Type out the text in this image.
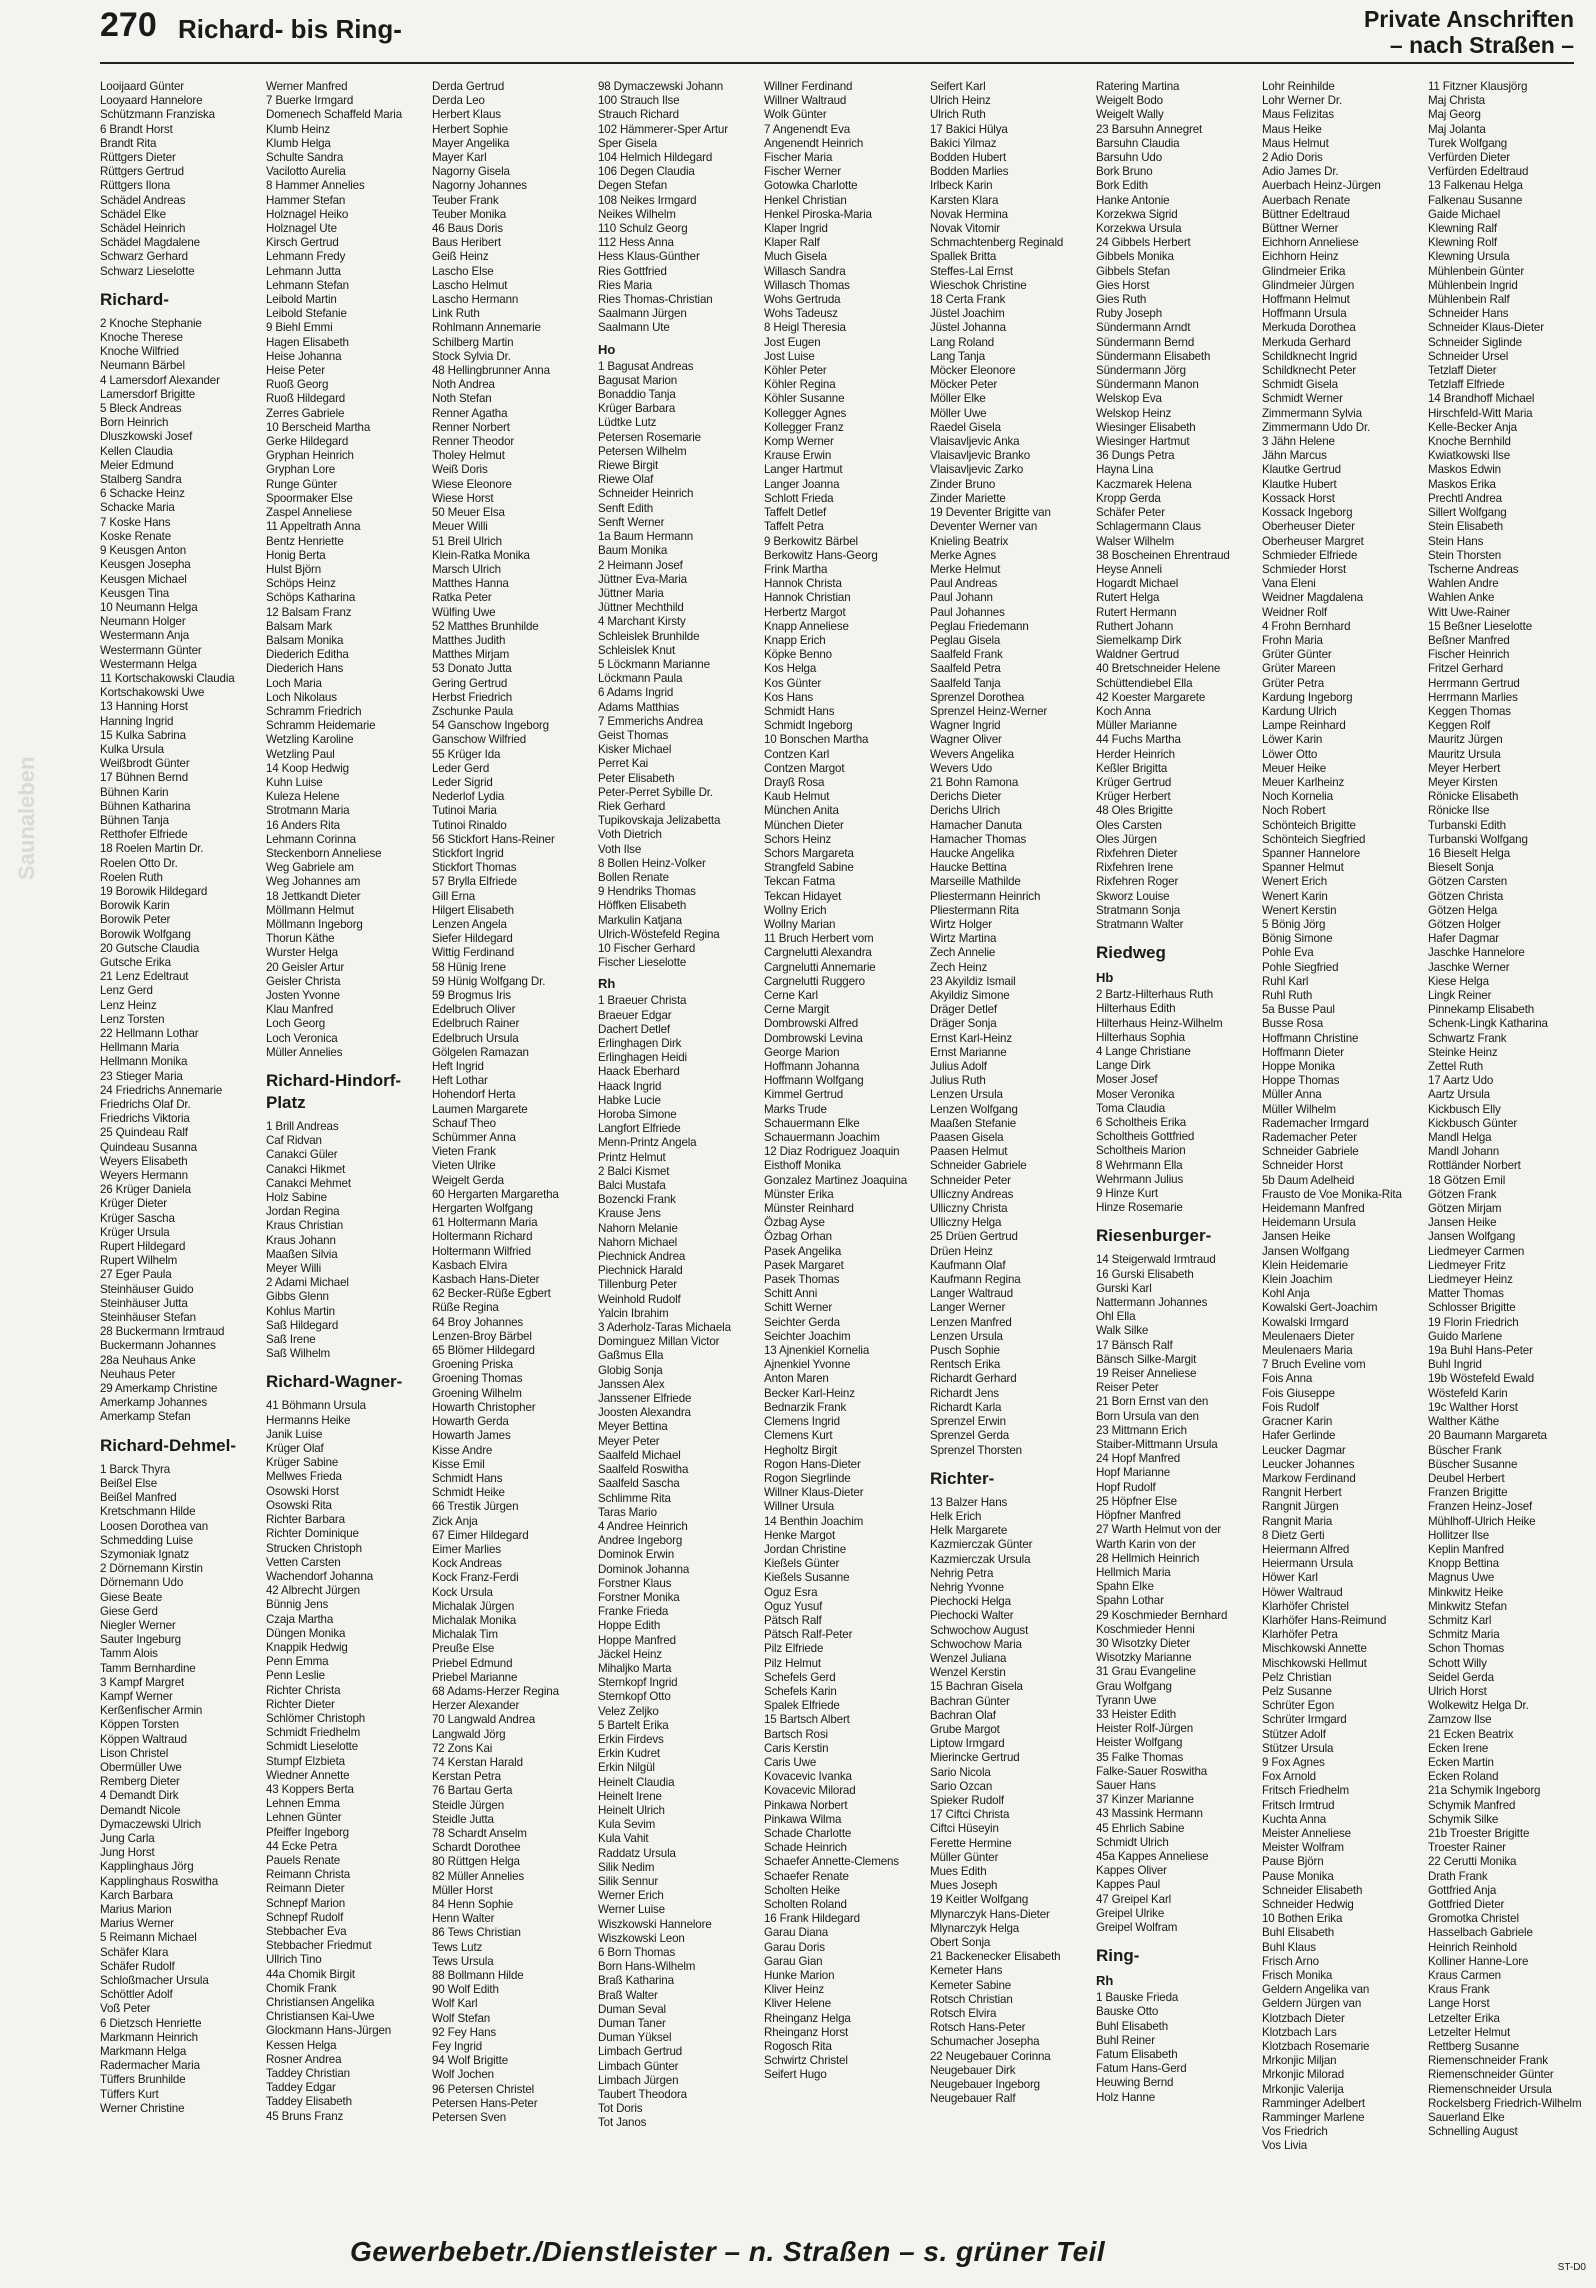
270 Richard- bis Ring-	Private Anschriften
– nach Straßen –
Saunaleben
Looijaard Günter
Looyaard Hannelore
Schützmann Franziska
6 Brandt Horst
Brandt Rita
Rüttgers Dieter
Rüttgers Gertrud
Rüttgers Ilona
Schädel Andreas
Schädel Elke
Schädel Heinrich
Schädel Magdalene
Schwarz Gerhard
Schwarz Lieselotte
Richard-
2 Knoche Stephanie
Knoche Therese
Knoche Wilfried
Neumann Bärbel
4 Lamersdorf Alexander
Lamersdorf Brigitte
5 Bleck Andreas
Born Heinrich
Dluszkowski Josef
Kellen Claudia
Meier Edmund
Stalberg Sandra
6 Schacke Heinz
Schacke Maria
7 Koske Hans
Koske Renate
9 Keusgen Anton
Keusgen Josepha
Keusgen Michael
Keusgen Tina
10 Neumann Helga
Neumann Holger
Westermann Anja
Westermann Günter
Westermann Helga
11 Kortschakowski Claudia
Kortschakowski Uwe
13 Hanning Horst
Hanning Ingrid
15 Kulka Sabrina
Kulka Ursula
Weißbrodt Günter
17 Bühnen Bernd
Bühnen Karin
Bühnen Katharina
Bühnen Tanja
Retthofer Elfriede
18 Roelen Martin Dr.
Roelen Otto Dr.
Roelen Ruth
19 Borowik Hildegard
Borowik Karin
Borowik Peter
Borowik Wolfgang
20 Gutsche Claudia
Gutsche Erika
21 Lenz Edeltraut
Lenz Gerd
Lenz Heinz
Lenz Torsten
22 Hellmann Lothar
Hellmann Maria
Hellmann Monika
23 Stieger Maria
24 Friedrichs Annemarie
Friedrichs Olaf Dr.
Friedrichs Viktoria
25 Quindeau Ralf
Quindeau Susanna
Weyers Elisabeth
Weyers Hermann
26 Krüger Daniela
Krüger Dieter
Krüger Sascha
Krüger Ursula
Rupert Hildegard
Rupert Wilhelm
27 Eger Paula
Steinhäuser Guido
Steinhäuser Jutta
Steinhäuser Stefan
28 Buckermann Irmtraud
Buckermann Johannes
28a Neuhaus Anke
Neuhaus Peter
29 Amerkamp Christine
Amerkamp Johannes
Amerkamp Stefan
Richard-Dehmel-
1 Barck Thyra
Beißel Else
Beißel Manfred
Kretschmann Hilde
Loosen Dorothea van
Schmedding Luise
Szymoniak Ignatz
2 Dörnemann Kirstin
Dörnemann Udo
Giese Beate
Giese Gerd
Niegler Werner
Sauter Ingeburg
Tamm Alois
Tamm Bernhardine
3 Kampf Margret
Kampf Werner
Kerßenfischer Armin
Köppen Torsten
Köppen Waltraud
Lison Christel
Obermüller Uwe
Remberg Dieter
4 Demandt Dirk
Demandt Nicole
Dymaczewski Ulrich
Jung Carla
Jung Horst
Kapplinghaus Jörg
Kapplinghaus Roswitha
Karch Barbara
Marius Marion
Marius Werner
5 Reimann Michael
Schäfer Klara
Schäfer Rudolf
Schloßmacher Ursula
Schöttler Adolf
Voß Peter
6 Dietzsch Henriette
Markmann Heinrich
Markmann Helga
Radermacher Maria
Tüffers Brunhilde
Tüffers Kurt
Werner Christine
Werner Manfred
7 Buerke Irmgard
Domenech Schaffeld Maria
Klumb Heinz
Klumb Helga
Schulte Sandra
Vacilotto Aurelia
8 Hammer Annelies
Hammer Stefan
Holznagel Heiko
Holznagel Ute
Kirsch Gertrud
Lehmann Fredy
Lehmann Jutta
Lehmann Stefan
Leibold Martin
Leibold Stefanie
9 Biehl Emmi
Hagen Elisabeth
Heise Johanna
Heise Peter
Ruoß Georg
Ruoß Hildegard
Zerres Gabriele
10 Berscheid Martha
Gerke Hildegard
Gryphan Heinrich
Gryphan Lore
Runge Günter
Spoormaker Else
Zaspel Anneliese
11 Appeltrath Anna
Bentz Henriette
Honig Berta
Hulst Björn
Schöps Heinz
Schöps Katharina
12 Balsam Franz
Balsam Mark
Balsam Monika
Diederich Editha
Diederich Hans
Loch Maria
Loch Nikolaus
Schramm Friedrich
Schramm Heidemarie
Wetzling Karoline
Wetzling Paul
14 Koop Hedwig
Kuhn Luise
Kuleza Helene
Strotmann Maria
16 Anders Rita
Lehmann Corinna
Steckenborn Anneliese
Weg Gabriele am
Weg Johannes am
18 Jettkandt Dieter
Möllmann Helmut
Möllmann Ingeborg
Thorun Käthe
Wurster Helga
20 Geisler Artur
Geisler Christa
Josten Yvonne
Klau Manfred
Loch Georg
Loch Veronica
Müller Annelies
Richard-Hindorf-Platz
1 Brill Andreas
Caf Ridvan
Canakci Güler
Canakci Hikmet
Canakci Mehmet
Holz Sabine
Jordan Regina
Kraus Christian
Kraus Johann
Maaßen Silvia
Meyer Willi
2 Adami Michael
Gibbs Glenn
Kohlus Martin
Saß Hildegard
Saß Irene
Saß Wilhelm
Richard-Wagner-
41 Böhmann Ursula
Hermanns Heike
Janik Luise
Krüger Olaf
Krüger Sabine
Mellwes Frieda
Osowski Horst
Osowski Rita
Richter Barbara
Richter Dominique
Strucken Christoph
Vetten Carsten
Wachendorf Johanna
42 Albrecht Jürgen
Bünnig Jens
Czaja Martha
Düngen Monika
Knappik Hedwig
Penn Emma
Penn Leslie
Richter Christa
Richter Dieter
Schlömer Christoph
Schmidt Friedhelm
Schmidt Lieselotte
Stumpf Elzbieta
Wiedner Annette
43 Koppers Berta
Lehnen Emma
Lehnen Günter
Pfeiffer Ingeborg
44 Ecke Petra
Pauels Renate
Reimann Christa
Reimann Dieter
Schnepf Marion
Schnepf Rudolf
Stebbacher Eva
Stebbacher Friedmut
Ullrich Tino
44a Chomik Birgit
Chomik Frank
Christiansen Angelika
Christiansen Kai-Uwe
Glockmann Hans-Jürgen
Kessen Helga
Rosner Andrea
Taddey Christian
Taddey Edgar
Taddey Elisabeth
45 Bruns Franz
Derda Gertrud
Derda Leo
Herbert Klaus
Herbert Sophie
Mayer Angelika
Mayer Karl
Nagorny Gisela
Nagorny Johannes
Teuber Frank
Teuber Monika
46 Baus Doris
Baus Heribert
Geiß Heinz
Lascho Else
Lascho Helmut
Lascho Hermann
Link Ruth
Rohlmann Annemarie
Schilberg Martin
Stock Sylvia Dr.
48 Hellingbrunner Anna
Noth Andrea
Noth Stefan
Renner Agatha
Renner Norbert
Renner Theodor
Tholey Helmut
Weiß Doris
Wiese Eleonore
Wiese Horst
50 Meuer Elsa
Meuer Willi
51 Breil Ulrich
Klein-Ratka Monika
Marsch Ulrich
Matthes Hanna
Ratka Peter
Wülfing Uwe
52 Matthes Brunhilde
Matthes Judith
Matthes Mirjam
53 Donato Jutta
Gering Gertrud
Herbst Friedrich
Zschunke Paula
54 Ganschow Ingeborg
Ganschow Wilfried
55 Krüger Ida
Leder Gerd
Leder Sigrid
Nederlof Lydia
Tutinoi Maria
Tutinoi Rinaldo
56 Stickfort Hans-Reiner
Stickfort Ingrid
Stickfort Thomas
57 Brylla Elfriede
Gill Erna
Hilgert Elisabeth
Lenzen Angela
Siefer Hildegard
Wittig Ferdinand
58 Hünig Irene
59 Hünig Wolfgang Dr.
59 Brogmus Iris
Edelbruch Oliver
Edelbruch Rainer
Edelbruch Ursula
Gölgelen Ramazan
Heft Ingrid
Heft Lothar
Hohendorf Herta
Laumen Margarete
Schauf Theo
Schümmer Anna
Vieten Frank
Vieten Ulrike
Weigelt Gerda
60 Hergarten Margaretha
Hergarten Wolfgang
61 Holtermann Maria
Holtermann Richard
Holtermann Wilfried
Kasbach Elvira
Kasbach Hans-Dieter
62 Becker-Rüße Egbert
Rüße Regina
64 Broy Johannes
Lenzen-Broy Bärbel
65 Blömer Hildegard
Groening Priska
Groening Thomas
Groening Wilhelm
Howarth Christopher
Howarth Gerda
Howarth James
Kisse Andre
Kisse Emil
Schmidt Hans
Schmidt Heike
66 Trestik Jürgen
Zick Anja
67 Eimer Hildegard
Eimer Marlies
Kock Andreas
Kock Franz-Ferdi
Kock Ursula
Michalak Jürgen
Michalak Monika
Michalak Tim
Preuße Else
Priebel Edmund
Priebel Marianne
68 Adams-Herzer Regina
Herzer Alexander
70 Langwald Andrea
Langwald Jörg
72 Zons Kai
74 Kerstan Harald
Kerstan Petra
76 Bartau Gerta
Steidle Jürgen
Steidle Jutta
78 Schardt Anselm
Schardt Dorothee
80 Rüttgen Helga
82 Müller Annelies
Müller Horst
84 Henn Sophie
Henn Walter
86 Tews Christian
Tews Lutz
Tews Ursula
88 Bollmann Hilde
90 Wolf Edith
Wolf Karl
Wolf Stefan
92 Fey Hans
Fey Ingrid
94 Wolf Brigitte
Wolf Jochen
96 Petersen Christel
Petersen Hans-Peter
Petersen Sven
98 Dymaczewski Johann
100 Strauch Ilse
Strauch Richard
102 Hämmerer-Sper Artur
Sper Gisela
104 Helmich Hildegard
106 Degen Claudia
Degen Stefan
108 Neikes Irmgard
Neikes Wilhelm
110 Schulz Georg
112 Hess Anna
Hess Klaus-Günther
Ries Gottfried
Ries Maria
Ries Thomas-Christian
Saalmann Jürgen
Saalmann Ute
Ho
1 Bagusat Andreas
Bagusat Marion
Bonaddio Tanja
Krüger Barbara
Lüdtke Lutz
Petersen Rosemarie
Petersen Wilhelm
Riewe Birgit
Riewe Olaf
Schneider Heinrich
Senft Edith
Senft Werner
1a Baum Hermann
Baum Monika
2 Heimann Josef
Jüttner Eva-Maria
Jüttner Maria
Jüttner Mechthild
4 Marchant Kirsty
Schleislek Brunhilde
Schleislek Knut
5 Löckmann Marianne
Löckmann Paula
6 Adams Ingrid
Adams Matthias
7 Emmerichs Andrea
Geist Thomas
Kisker Michael
Perret Kai
Peter Elisabeth
Peter-Perret Sybille Dr.
Riek Gerhard
Tupikovskaja Jelizabetta
Voth Dietrich
Voth Ilse
8 Bollen Heinz-Volker
Bollen Renate
9 Hendriks Thomas
Höffken Elisabeth
Markulin Katjana
Ulrich-Wöstefeld Regina
10 Fischer Gerhard
Fischer Lieselotte
Rh
1 Braeuer Christa
Braeuer Edgar
Dachert Detlef
Erlinghagen Dirk
Erlinghagen Heidi
Haack Eberhard
Haack Ingrid
Habke Lucie
Horoba Simone
Langfort Elfriede
Menn-Printz Angela
Printz Helmut
2 Balci Kismet
Balci Mustafa
Bozencki Frank
Krause Jens
Nahorn Melanie
Nahorn Michael
Piechnick Andrea
Piechnick Harald
Tillenburg Peter
Weinhold Rudolf
Yalcin Ibrahim
3 Aderholz-Taras Michaela
Dominguez Millan Victor
Gaßmus Ella
Globig Sonja
Janssen Alex
Janssener Elfriede
Joosten Alexandra
Meyer Bettina
Meyer Peter
Saalfeld Michael
Saalfeld Roswitha
Saalfeld Sascha
Schlimme Rita
Taras Mario
4 Andree Heinrich
Andree Ingeborg
Dominok Erwin
Dominok Johanna
Forstner Klaus
Forstner Monika
Franke Frieda
Hoppe Edith
Hoppe Manfred
Jäckel Heinz
Mihaljko Marta
Sternkopf Ingrid
Sternkopf Otto
Velez Zeljko
5 Bartelt Erika
Erkin Firdevs
Erkin Kudret
Erkin Nilgül
Heinelt Claudia
Heinelt Irene
Heinelt Ulrich
Kula Sevim
Kula Vahit
Raddatz Ursula
Silik Nedim
Silik Sennur
Werner Erich
Werner Luise
Wiszkowski Hannelore
Wiszkowski Leon
6 Born Thomas
Born Hans-Wilhelm
Braß Katharina
Braß Walter
Duman Seval
Duman Taner
Duman Yüksel
Limbach Gertrud
Limbach Günter
Limbach Jürgen
Taubert Theodora
Tot Doris
Tot Janos
Willner Ferdinand
Willner Waltraud
Wolk Günter
7 Angenendt Eva
Angenendt Heinrich
Fischer Maria
Fischer Werner
Gotowka Charlotte
Henkel Christian
Henkel Piroska-Maria
Klaper Ingrid
Klaper Ralf
Much Gisela
Willasch Sandra
Willasch Thomas
Wohs Gertruda
Wohs Tadeusz
8 Heigl Theresia
Jost Eugen
Jost Luise
Köhler Peter
Köhler Regina
Köhler Susanne
Kollegger Agnes
Kollegger Franz
Komp Werner
Krause Erwin
Langer Hartmut
Langer Joanna
Schlott Frieda
Taffelt Detlef
Taffelt Petra
9 Berkowitz Bärbel
Berkowitz Hans-Georg
Frink Martha
Hannok Christa
Hannok Christian
Herbertz Margot
Knapp Anneliese
Knapp Erich
Köpke Benno
Kos Helga
Kos Günter
Kos Hans
Schmidt Hans
Schmidt Ingeborg
10 Bonschen Martha
Contzen Karl
Contzen Margot
Drayß Rosa
Kaub Helmut
München Anita
München Dieter
Schors Heinz
Schors Margareta
Strangfeld Sabine
Tekcan Fatma
Tekcan Hidayet
Wollny Erich
Wollny Marian
11 Bruch Herbert vom
Cargnelutti Alexandra
Cargnelutti Annemarie
Cargnelutti Ruggero
Cerne Karl
Cerne Margit
Dombrowski Alfred
Dombrowski Levina
George Marion
Hoffmann Johanna
Hoffmann Wolfgang
Kimmel Gertrud
Marks Trude
Schauermann Elke
Schauermann Joachim
12 Diaz Rodriguez Joaquin
Eisthoff Monika
Gonzalez Martinez Joaquina
Münster Erika
Münster Reinhard
Özbag Ayse
Özbag Orhan
Pasek Angelika
Pasek Margaret
Pasek Thomas
Schitt Anni
Schitt Werner
Seichter Gerda
Seichter Joachim
13 Ajnenkiel Kornelia
Ajnenkiel Yvonne
Anton Maren
Becker Karl-Heinz
Bednarzik Frank
Clemens Ingrid
Clemens Kurt
Hegholtz Birgit
Rogon Hans-Dieter
Rogon Siegrlinde
Willner Klaus-Dieter
Willner Ursula
14 Benthin Joachim
Henke Margot
Jordan Christine
Kießels Günter
Kießels Susanne
Oguz Esra
Oguz Yusuf
Pätsch Ralf
Pätsch Ralf-Peter
Pilz Elfriede
Pilz Helmut
Schefels Gerd
Schefels Karin
Spalek Elfriede
15 Bartsch Albert
Bartsch Rosi
Caris Kerstin
Caris Uwe
Kovacevic Ivanka
Kovacevic Milorad
Pinkawa Norbert
Pinkawa Wilma
Schade Charlotte
Schade Heinrich
Schaefer Annette-Clemens
Schaefer Renate
Scholten Heike
Scholten Roland
16 Frank Hildegard
Garau Diana
Garau Doris
Garau Gian
Hunke Marion
Kliver Heinz
Kliver Helene
Rheinganz Helga
Rheinganz Horst
Rogosch Rita
Schwirtz Christel
Seifert Hugo
Seifert Karl
Ulrich Heinz
Ulrich Ruth
17 Bakici Hülya
Bakici Yilmaz
Bodden Hubert
Bodden Marlies
Irlbeck Karin
Karsten Klara
Novak Hermina
Novak Vitomir
Schmachtenberg Reginald
Spallek Britta
Steffes-Lal Ernst
Wieschok Christine
18 Certa Frank
Jüstel Joachim
Jüstel Johanna
Lang Roland
Lang Tanja
Möcker Eleonore
Möcker Peter
Möller Elke
Möller Uwe
Raedel Gisela
Vlaisavljevic Anka
Vlaisavljevic Branko
Vlaisavljevic Zarko
Zinder Bruno
Zinder Mariette
19 Deventer Brigitte van
Deventer Werner van
Knieling Beatrix
Merke Agnes
Merke Helmut
Paul Andreas
Paul Johann
Paul Johannes
Peglau Friedemann
Peglau Gisela
Saalfeld Frank
Saalfeld Petra
Saalfeld Tanja
Sprenzel Dorothea
Sprenzel Heinz-Werner
Wagner Ingrid
Wagner Oliver
Wevers Angelika
Wevers Udo
21 Bohn Ramona
Derichs Dieter
Derichs Ulrich
Hamacher Danuta
Hamacher Thomas
Haucke Angelika
Haucke Bettina
Marseille Mathilde
Pliestermann Heinrich
Pliestermann Rita
Wirtz Holger
Wirtz Martina
Zech Annelie
Zech Heinz
23 Akyildiz Ismail
Akyildiz Simone
Dräger Detlef
Dräger Sonja
Ernst Karl-Heinz
Ernst Marianne
Julius Adolf
Julius Ruth
Lenzen Ursula
Lenzen Wolfgang
Maaßen Stefanie
Paasen Gisela
Paasen Helmut
Schneider Gabriele
Schneider Peter
Ulliczny Andreas
Ulliczny Christa
Ulliczny Helga
25 Drüen Gertrud
Drüen Heinz
Kaufmann Olaf
Kaufmann Regina
Langer Waltraud
Langer Werner
Lenzen Manfred
Lenzen Ursula
Pusch Sophie
Rentsch Erika
Richardt Gerhard
Richardt Jens
Richardt Karla
Sprenzel Erwin
Sprenzel Gerda
Sprenzel Thorsten
Richter-
13 Balzer Hans
Helk Erich
Helk Margarete
Kazmierczak Günter
Kazmierczak Ursula
Nehrig Petra
Nehrig Yvonne
Piechocki Helga
Piechocki Walter
Schwochow August
Schwochow Maria
Wenzel Juliana
Wenzel Kerstin
15 Bachran Gisela
Bachran Günter
Bachran Olaf
Grube Margot
Liptow Irmgard
Mierincke Gertrud
Sario Nicola
Sario Ozcan
Spieker Rudolf
17 Ciftci Christa
Ciftci Hüseyin
Ferette Hermine
Müller Günter
Mues Edith
Mues Joseph
19 Keitler Wolfgang
Mlynarczyk Hans-Dieter
Mlynarczyk Helga
Obert Sonja
21 Backenecker Elisabeth
Kemeter Hans
Kemeter Sabine
Rotsch Christian
Rotsch Elvira
Rotsch Hans-Peter
Schumacher Josepha
22 Neugebauer Corinna
Neugebauer Dirk
Neugebauer Ingeborg
Neugebauer Ralf
Ratering Martina
Weigelt Bodo
Weigelt Wally
23 Barsuhn Annegret
Barsuhn Claudia
Barsuhn Udo
Bork Bruno
Bork Edith
Hanke Antonie
Korzekwa Sigrid
Korzekwa Ursula
24 Gibbels Herbert
Gibbels Monika
Gibbels Stefan
Gies Horst
Gies Ruth
Ruby Joseph
Sündermann Arndt
Sündermann Bernd
Sündermann Elisabeth
Sündermann Jörg
Sündermann Manon
Welskop Eva
Welskop Heinz
Wiesinger Elisabeth
Wiesinger Hartmut
36 Dungs Petra
Hayna Lina
Kaczmarek Helena
Kropp Gerda
Schäfer Peter
Schlagermann Claus
Walser Wilhelm
38 Boscheinen Ehrentraud
Heyse Anneli
Hogardt Michael
Rutert Helga
Rutert Hermann
Ruthert Johann
Siemelkamp Dirk
Waldner Gertrud
40 Bretschneider Helene
Schüttendiebel Ella
42 Koester Margarete
Koch Anna
Müller Marianne
44 Fuchs Martha
Herder Heinrich
Keßler Brigitta
Krüger Gertrud
Krüger Herbert
48 Oles Brigitte
Oles Carsten
Oles Jürgen
Rixfehren Dieter
Rixfehren Irene
Rixfehren Roger
Skworz Louise
Stratmann Sonja
Stratmann Walter
Riedweg
Hb
2 Bartz-Hilterhaus Ruth
Hilterhaus Edith
Hilterhaus Heinz-Wilhelm
Hilterhaus Sophia
4 Lange Christiane
Lange Dirk
Moser Josef
Moser Veronika
Toma Claudia
6 Scholtheis Erika
Scholtheis Gottfried
Scholtheis Marion
8 Wehrmann Ella
Wehrmann Julius
9 Hinze Kurt
Hinze Rosemarie
Riesenburger-
14 Steigerwald Irmtraud
16 Gurski Elisabeth
Gurski Karl
Nattermann Johannes
Ohl Ella
Walk Silke
17 Bänsch Ralf
Bänsch Silke-Margit
19 Reiser Anneliese
Reiser Peter
21 Born Ernst van den
Born Ursula van den
23 Mittmann Erich
Staiber-Mittmann Ursula
24 Hopf Manfred
Hopf Marianne
Hopf Rudolf
25 Höpfner Else
Höpfner Manfred
27 Warth Helmut von der
Warth Karin von der
28 Hellmich Heinrich
Hellmich Maria
Spahn Elke
Spahn Lothar
29 Koschmieder Bernhard
Koschmieder Henni
30 Wisotzky Dieter
Wisotzky Marianne
31 Grau Evangeline
Grau Wolfgang
Tyrann Uwe
33 Heister Edith
Heister Rolf-Jürgen
Heister Wolfgang
35 Falke Thomas
Falke-Sauer Roswitha
Sauer Hans
37 Kinzer Marianne
43 Massink Hermann
45 Ehrlich Sabine
Schmidt Ulrich
45a Kappes Anneliese
Kappes Oliver
Kappes Paul
47 Greipel Karl
Greipel Ulrike
Greipel Wolfram
Ring-
Rh
1 Bauske Frieda
Bauske Otto
Buhl Elisabeth
Buhl Reiner
Fatum Elisabeth
Fatum Hans-Gerd
Heuwing Bernd
Holz Hanne
Lohr Reinhilde
Lohr Werner Dr.
Maus Felizitas
Maus Heike
Maus Helmut
2 Adio Doris
Adio James Dr.
Auerbach Heinz-Jürgen
Auerbach Renate
Büttner Edeltraud
Büttner Werner
Eichhorn Anneliese
Eichhorn Heinz
Glindmeier Erika
Glindmeier Jürgen
Hoffmann Helmut
Hoffmann Ursula
Merkuda Dorothea
Merkuda Gerhard
Schildknecht Ingrid
Schildknecht Peter
Schmidt Gisela
Schmidt Werner
Zimmermann Sylvia
Zimmermann Udo Dr.
3 Jähn Helene
Jähn Marcus
Klautke Gertrud
Klautke Hubert
Kossack Horst
Kossack Ingeborg
Oberheuser Dieter
Oberheuser Margret
Schmieder Elfriede
Schmieder Horst
Vana Eleni
Weidner Magdalena
Weidner Rolf
4 Frohn Bernhard
Frohn Maria
Grüter Günter
Grüter Mareen
Grüter Petra
Kardung Ingeborg
Kardung Ulrich
Lampe Reinhard
Löwer Karin
Löwer Otto
Meuer Heike
Meuer Karlheinz
Noch Kornelia
Noch Robert
Schönteich Brigitte
Schönteich Siegfried
Spanner Hannelore
Spanner Helmut
Wenert Erich
Wenert Karin
Wenert Kerstin
5 Bönig Jörg
Bönig Simone
Pohle Eva
Pohle Siegfried
Ruhl Karl
Ruhl Ruth
5a Busse Paul
Busse Rosa
Hoffmann Christine
Hoffmann Dieter
Hoppe Monika
Hoppe Thomas
Müller Anna
Müller Wilhelm
Rademacher Irmgard
Rademacher Peter
Schneider Gabriele
Schneider Horst
5b Daum Adelheid
Frausto de Voe Monika-Rita
Heidemann Manfred
Heidemann Ursula
Jansen Heike
Jansen Wolfgang
Klein Heidemarie
Klein Joachim
Kohl Anja
Kowalski Gert-Joachim
Kowalski Irmgard
Meulenaers Dieter
Meulenaers Maria
7 Bruch Eveline vom
Fois Anna
Fois Giuseppe
Fois Rudolf
Gracner Karin
Hafer Gerlinde
Leucker Dagmar
Leucker Johannes
Markow Ferdinand
Rangnit Herbert
Rangnit Jürgen
Rangnit Maria
8 Dietz Gerti
Heiermann Alfred
Heiermann Ursula
Höwer Karl
Höwer Waltraud
Klarhöfer Christel
Klarhöfer Hans-Reimund
Klarhöfer Petra
Mischkowski Annette
Mischkowski Hellmut
Pelz Christian
Pelz Susanne
Schrüter Egon
Schrüter Irmgard
Stützer Adolf
Stützer Ursula
9 Fox Agnes
Fox Arnold
Fritsch Friedhelm
Fritsch Irmtrud
Kuchta Anna
Meister Anneliese
Meister Wolfram
Pause Björn
Pause Monika
Schneider Elisabeth
Schneider Hedwig
10 Bothen Erika
Buhl Elisabeth
Buhl Klaus
Frisch Arno
Frisch Monika
Geldern Angelika van
Geldern Jürgen van
Klotzbach Dieter
Klotzbach Lars
Klotzbach Rosemarie
Mrkonjic Miljan
Mrkonjic Milorad
Mrkonjic Valerija
Ramminger Adelbert
Ramminger Marlene
Vos Friedrich
Vos Livia
11 Fitzner Klausjörg
Maj Christa
Maj Georg
Maj Jolanta
Turek Wolfgang
Verfürden Dieter
Verfürden Edeltraud
13 Falkenau Helga
Falkenau Susanne
Gaide Michael
Klewning Ralf
Klewning Rolf
Klewning Ursula
Mühlenbein Günter
Mühlenbein Ingrid
Mühlenbein Ralf
Schneider Hans
Schneider Klaus-Dieter
Schneider Siglinde
Schneider Ursel
Tetzlaff Dieter
Tetzlaff Elfriede
14 Brandhoff Michael
Hirschfeld-Witt Maria
Kelle-Becker Anja
Knoche Bernhild
Kwiatkowski Ilse
Maskos Edwin
Maskos Erika
Prechtl Andrea
Sillert Wolfgang
Stein Elisabeth
Stein Hans
Stein Thorsten
Tscherne Andreas
Wahlen Andre
Wahlen Anke
Witt Uwe-Rainer
15 Beßner Lieselotte
Beßner Manfred
Fischer Heinrich
Fritzel Gerhard
Herrmann Gertrud
Herrmann Marlies
Keggen Thomas
Keggen Rolf
Mauritz Jürgen
Mauritz Ursula
Meyer Herbert
Meyer Kirsten
Rönicke Elisabeth
Rönicke Ilse
Turbanski Edith
Turbanski Wolfgang
16 Bieselt Helga
Bieselt Sonja
Götzen Carsten
Götzen Christa
Götzen Helga
Götzen Holger
Hafer Dagmar
Jaschke Hannelore
Jaschke Werner
Kiese Helga
Lingk Reiner
Pinnekamp Elisabeth
Schenk-Lingk Katharina
Schwartz Frank
Steinke Heinz
Zettel Ruth
17 Aartz Udo
Aartz Ursula
Kickbusch Elly
Kickbusch Günter
Mandl Helga
Mandl Johann
Rottländer Norbert
18 Götzen Emil
Götzen Frank
Götzen Mirjam
Jansen Heike
Jansen Wolfgang
Liedmeyer Carmen
Liedmeyer Fritz
Liedmeyer Heinz
Matter Thomas
Schlosser Brigitte
19 Florin Friedrich
Guido Marlene
19a Buhl Hans-Peter
Buhl Ingrid
19b Wöstefeld Ewald
Wöstefeld Karin
19c Walther Horst
Walther Käthe
20 Baumann Margareta
Büscher Frank
Büscher Susanne
Deubel Herbert
Franzen Brigitte
Franzen Heinz-Josef
Mühlhoff-Ulrich Heike
Hollitzer Ilse
Keplin Manfred
Knopp Bettina
Magnus Uwe
Minkwitz Heike
Minkwitz Stefan
Schmitz Karl
Schmitz Maria
Schon Thomas
Schott Willy
Seidel Gerda
Ulrich Horst
Wolkewitz Helga Dr.
Zamzow Ilse
21 Ecken Beatrix
Ecken Irene
Ecken Martin
Ecken Roland
21a Schymik Ingeborg
Schymik Manfred
Schymik Silke
21b Troester Brigitte
Troester Rainer
22 Cerutti Monika
Drath Frank
Gottfried Anja
Gottfried Dieter
Gromotka Christel
Hasselbach Gabriele
Heinrich Reinhold
Kolliner Hanne-Lore
Kraus Carmen
Kraus Frank
Lange Horst
Letzelter Erika
Letzelter Helmut
Rettberg Susanne
Riemenschneider Frank
Riemenschneider Günter
Riemenschneider Ursula
Rockelsberg Friedrich-Wilhelm
Sauerland Elke
Schnelling August
Gewerbebetr./Dienstleister – n. Straßen – s. grüner Teil
ST-D0
